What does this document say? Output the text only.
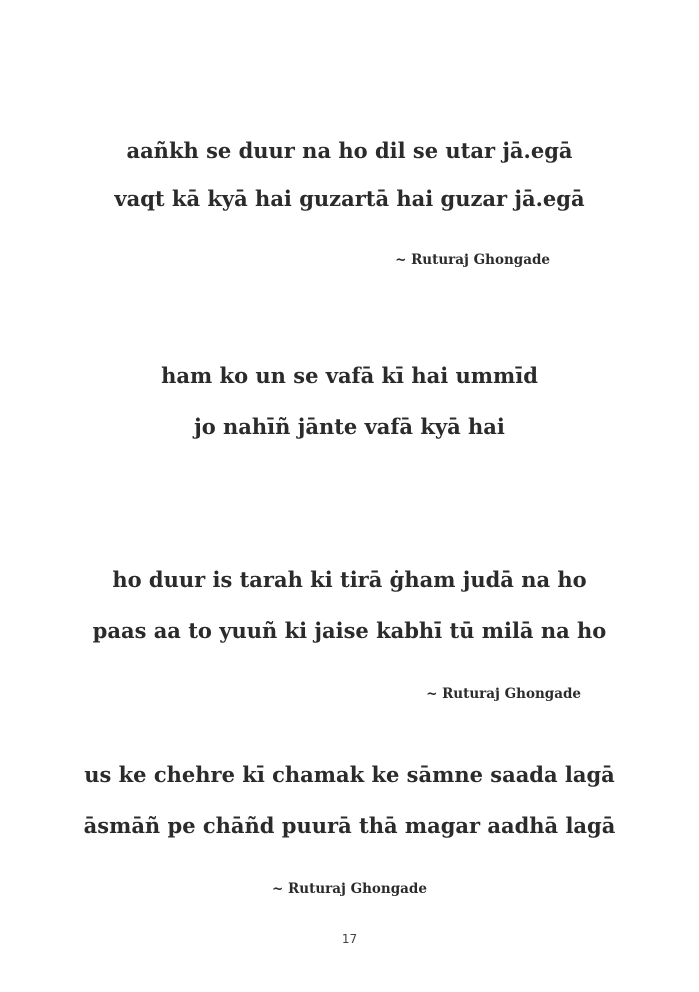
aañkh se duur na ho dil se utar jā.egā
vaqt kā kyā hai guzartā hai guzar jā.egā
~ Ruturaj Ghongade
ham ko un se vafā kī hai ummīd
jo nahīñ jānte vafā kyā hai
ho duur is tarah ki tirā ġham judā na ho
paas aa to yuuñ ki jaise kabhī tū milā na ho
~ Ruturaj Ghongade
us ke chehre kī chamak ke sāmne saada lagā
āsmāñ pe chāñd puurā thā magar aadhā lagā
~ Ruturaj Ghongade
17
